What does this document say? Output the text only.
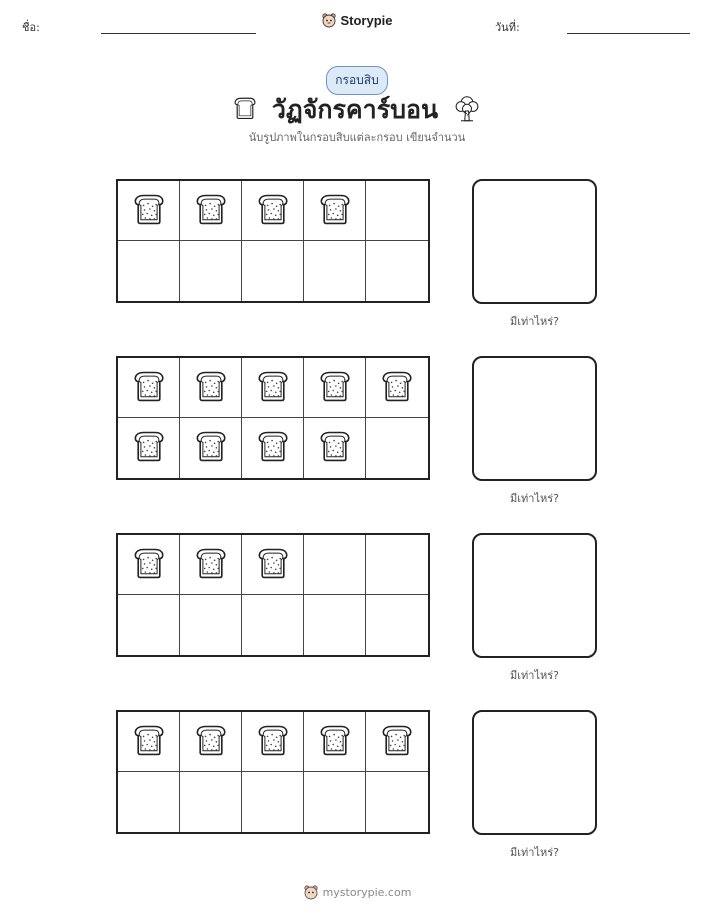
ชื่อ:	วันที่:
Storypie
กรอบสิบ
วัฏจักรคาร์บอน
นับรูปภาพในกรอบสิบแต่ละกรอบ เขียนจำนวน
มีเท่าไหร่?
มีเท่าไหร่?
มีเท่าไหร่?
มีเท่าไหร่?
mystorypie.com
